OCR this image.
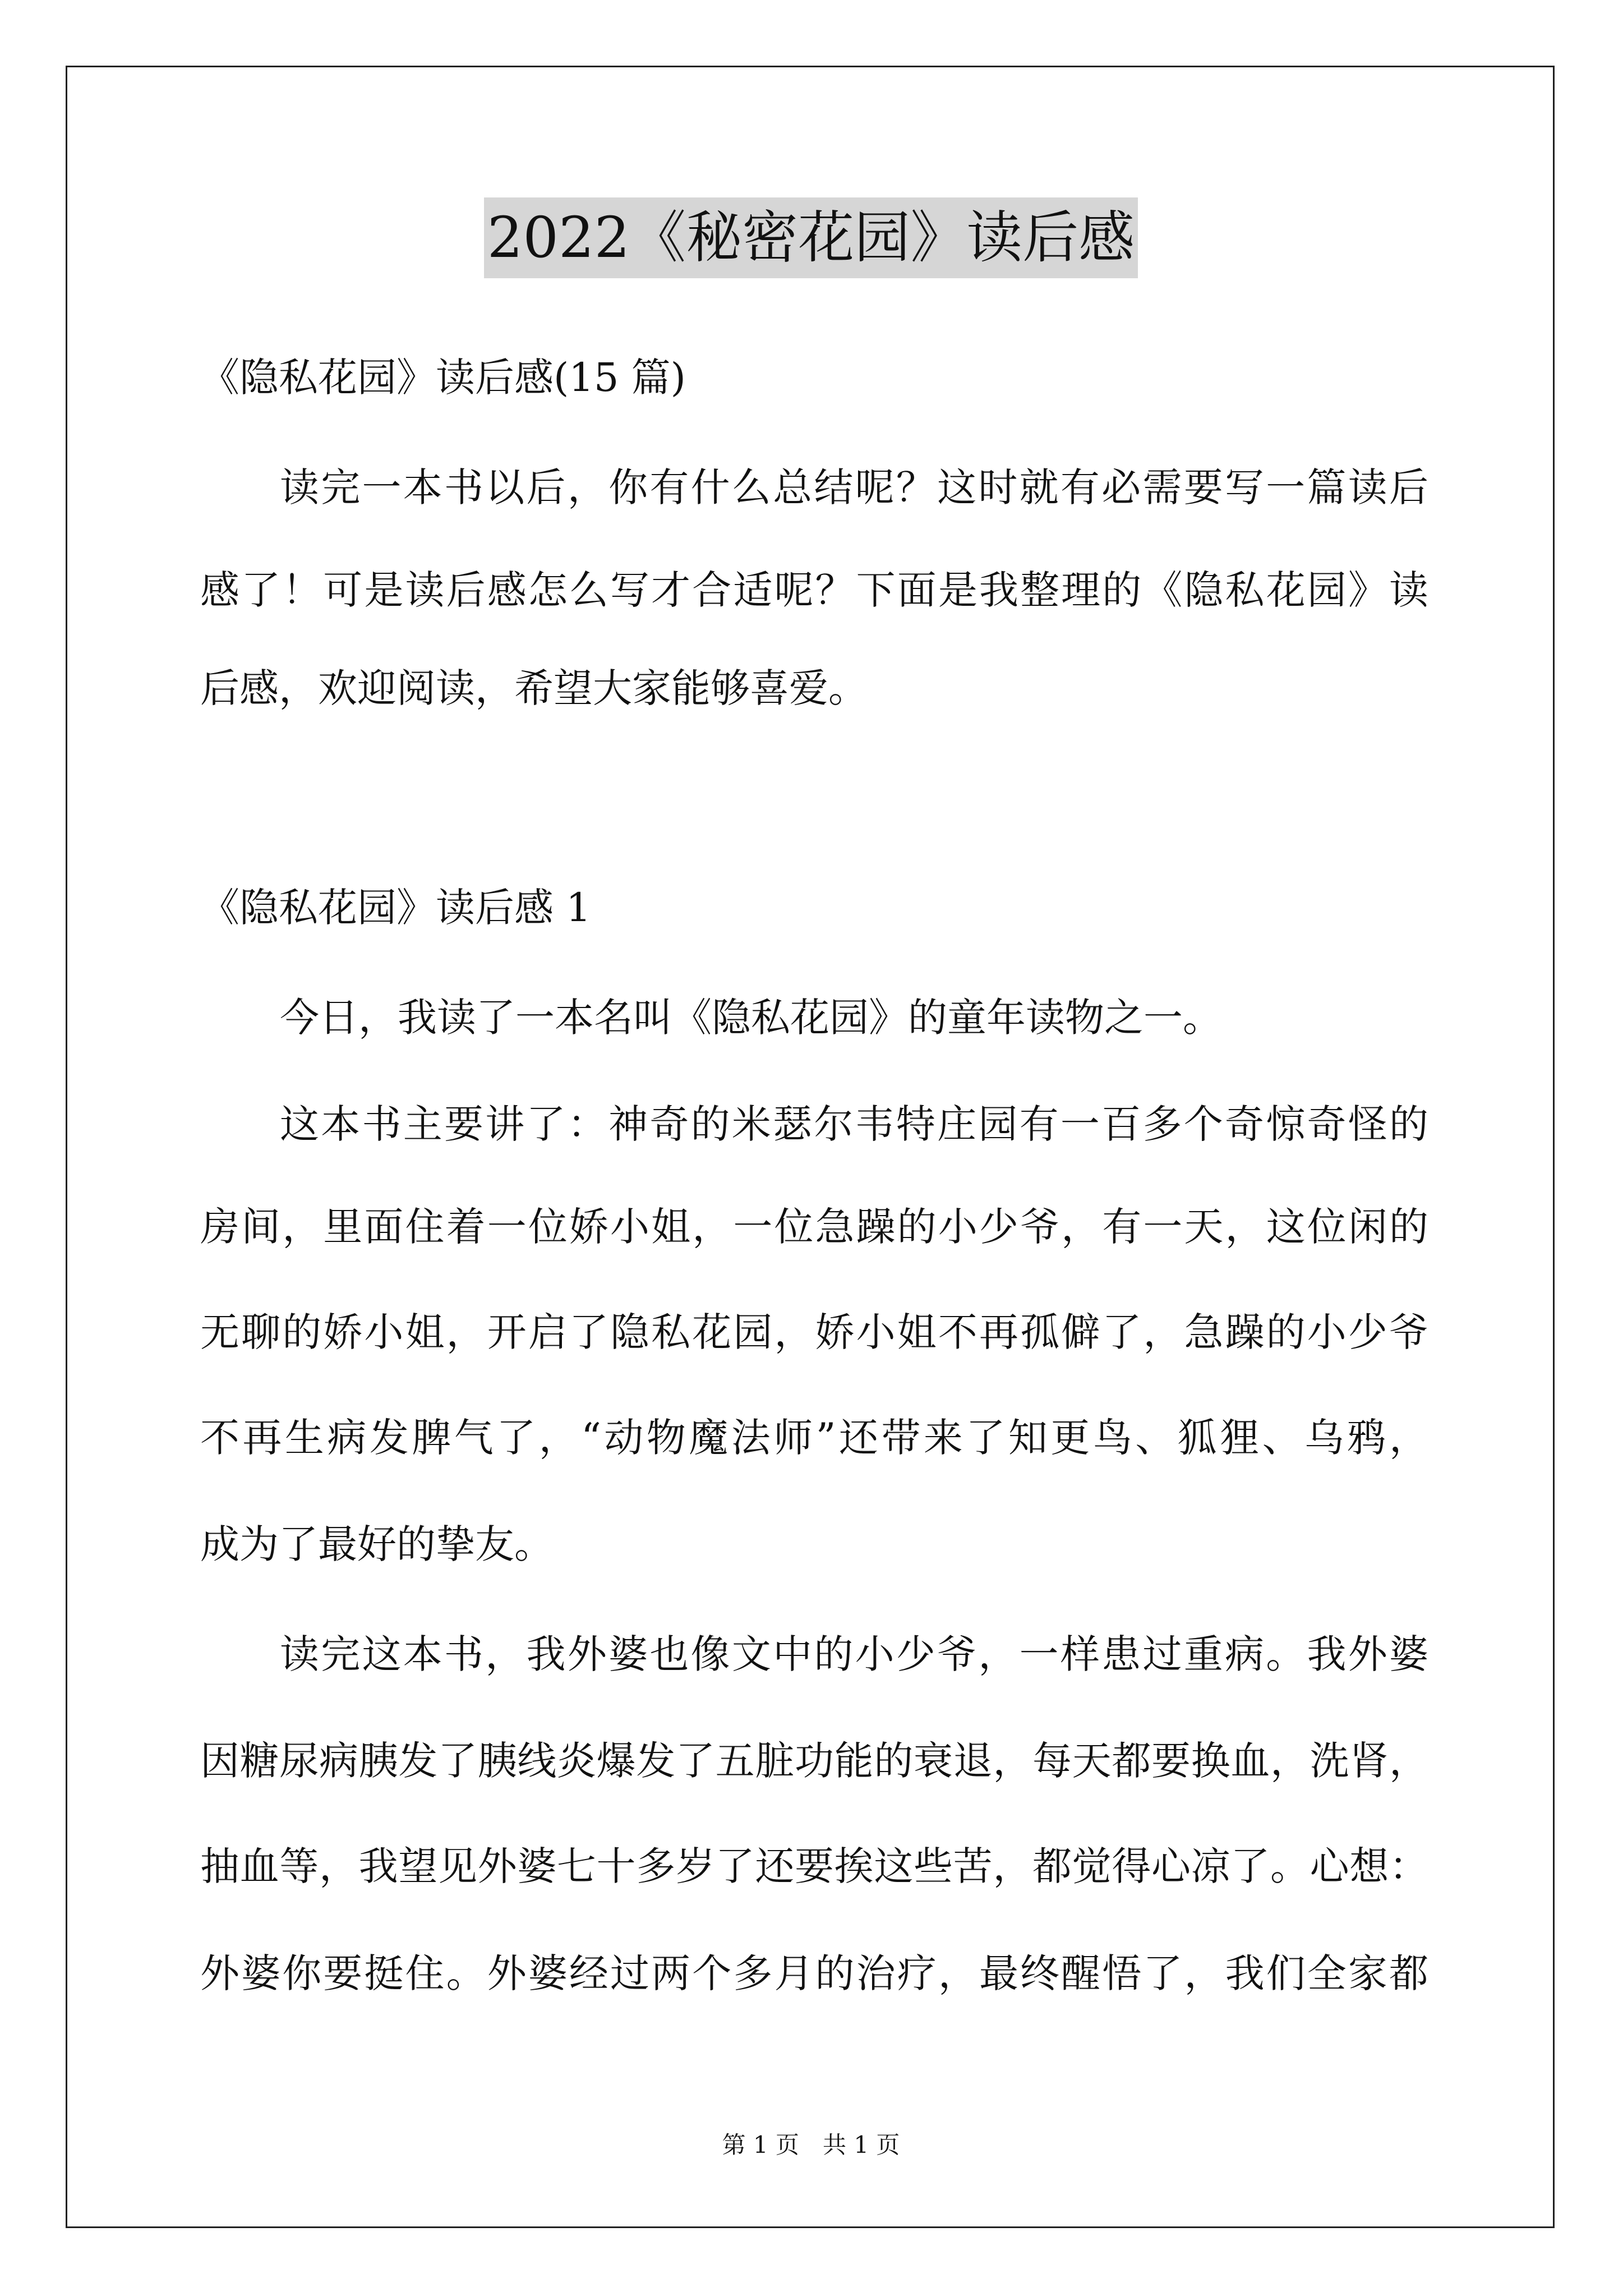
2022《秘密花园》读后感
《隐私花园》读后感(15 篇)
读完一本书以后，你有什么总结呢？这时就有必需要写一篇读后
感了！可是读后感怎么写才合适呢？下面是我整理的《隐私花园》读
后感，欢迎阅读，希望大家能够喜爱。
《隐私花园》读后感 1
今日，我读了一本名叫《隐私花园》的童年读物之一。
这本书主要讲了：神奇的米瑟尔韦特庄园有一百多个奇惊奇怪的
房间，里面住着一位娇小姐，一位急躁的小少爷，有一天，这位闲的
无聊的娇小姐，开启了隐私花园，娇小姐不再孤僻了，急躁的小少爷
不再生病发脾气了，“动物魔法师”还带来了知更鸟、狐狸、乌鸦，
成为了最好的挚友。
读完这本书，我外婆也像文中的小少爷，一样患过重病。我外婆
因糖尿病胰发了胰线炎爆发了五脏功能的衰退，每天都要换血，洗肾，
抽血等，我望见外婆七十多岁了还要挨这些苦，都觉得心凉了。心想：
外婆你要挺住。外婆经过两个多月的治疗，最终醒悟了，我们全家都
第 1 页　共 1 页
